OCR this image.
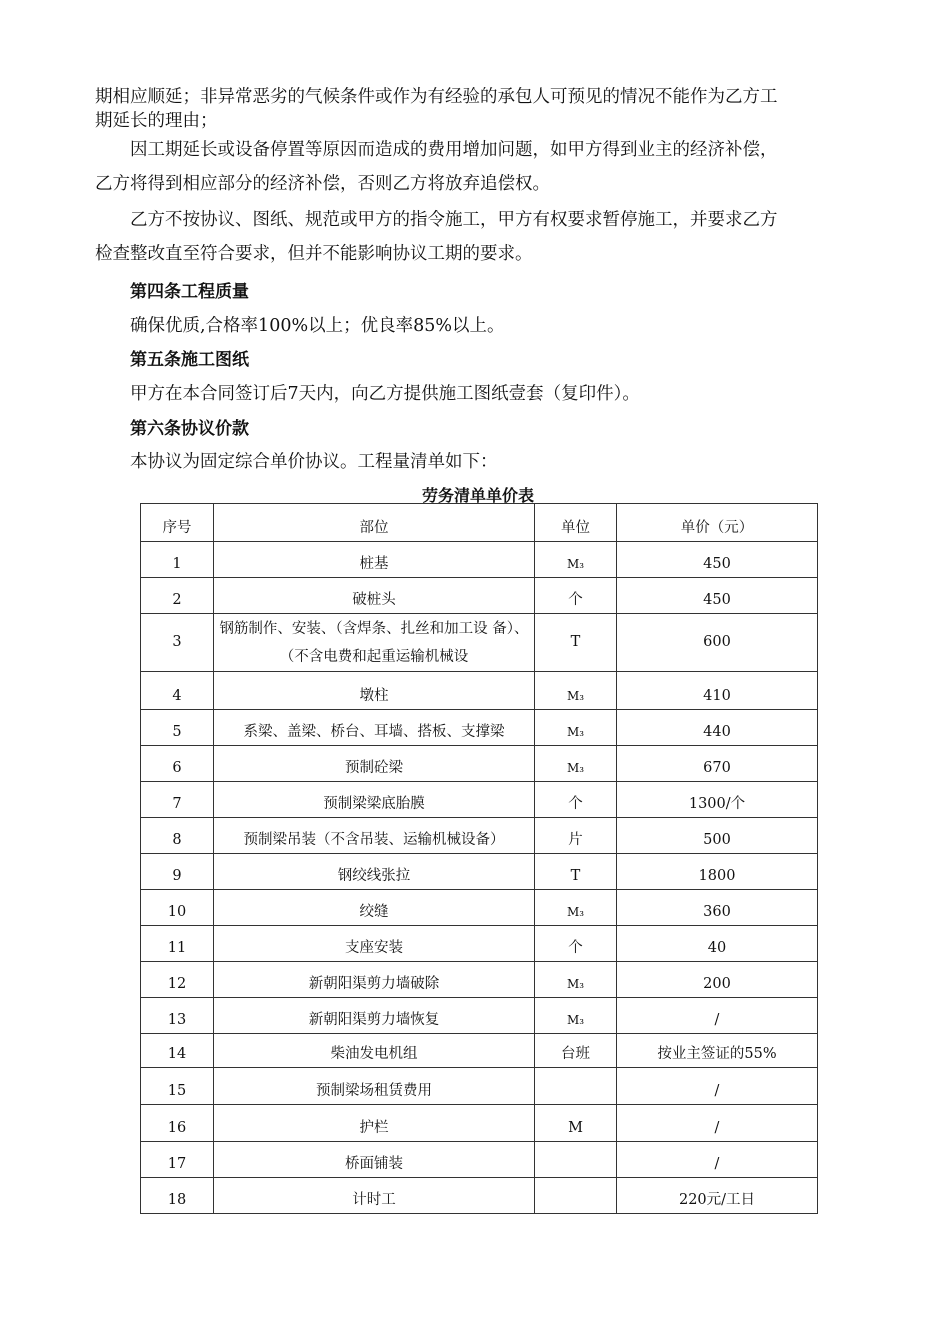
期相应顺延；非异常恶劣的气候条件或作为有经验的承包人可预见的情况不能作为乙方工
期延长的理由；
因工期延长或设备停置等原因而造成的费用增加问题，如甲方得到业主的经济补偿，
乙方将得到相应部分的经济补偿，否则乙方将放弃追偿权。
乙方不按协议、图纸、规范或甲方的指令施工，甲方有权要求暂停施工，并要求乙方
检查整改直至符合要求，但并不能影响协议工期的要求。
第四条工程质量
确保优质,合格率100%以上；优良率85%以上。
第五条施工图纸
甲方在本合同签订后7天内，向乙方提供施工图纸壹套（复印件）。
第六条协议价款
本协议为固定综合单价协议。工程量清单如下：
劳务清单单价表
序号	部位	单位	单价（元）
1	桩基	M₃	450
2	破桩头	个	450
3	钢筋制作、安装、（含焊条、扎丝和加工设 备）、（不含电费和起重运输机械设	T	600
4	墩柱	M₃	410
5	系梁、盖梁、桥台、耳墙、搭板、支撑梁	M₃	440
6	预制砼梁	M₃	670
7	预制梁梁底胎膜	个	1300/个
8	预制梁吊装（不含吊装、运输机械设备）	片	500
9	钢绞线张拉	T	1800
10	绞缝	M₃	360
11	支座安装	个	40
12	新朝阳渠剪力墙破除	M₃	200
13	新朝阳渠剪力墙恢复	M₃	/
14	柴油发电机组	台班	按业主签证的55%
15	预制梁场租赁费用		/
16	护栏	M	/
17	桥面铺装		/
18	计时工		220元/工日
